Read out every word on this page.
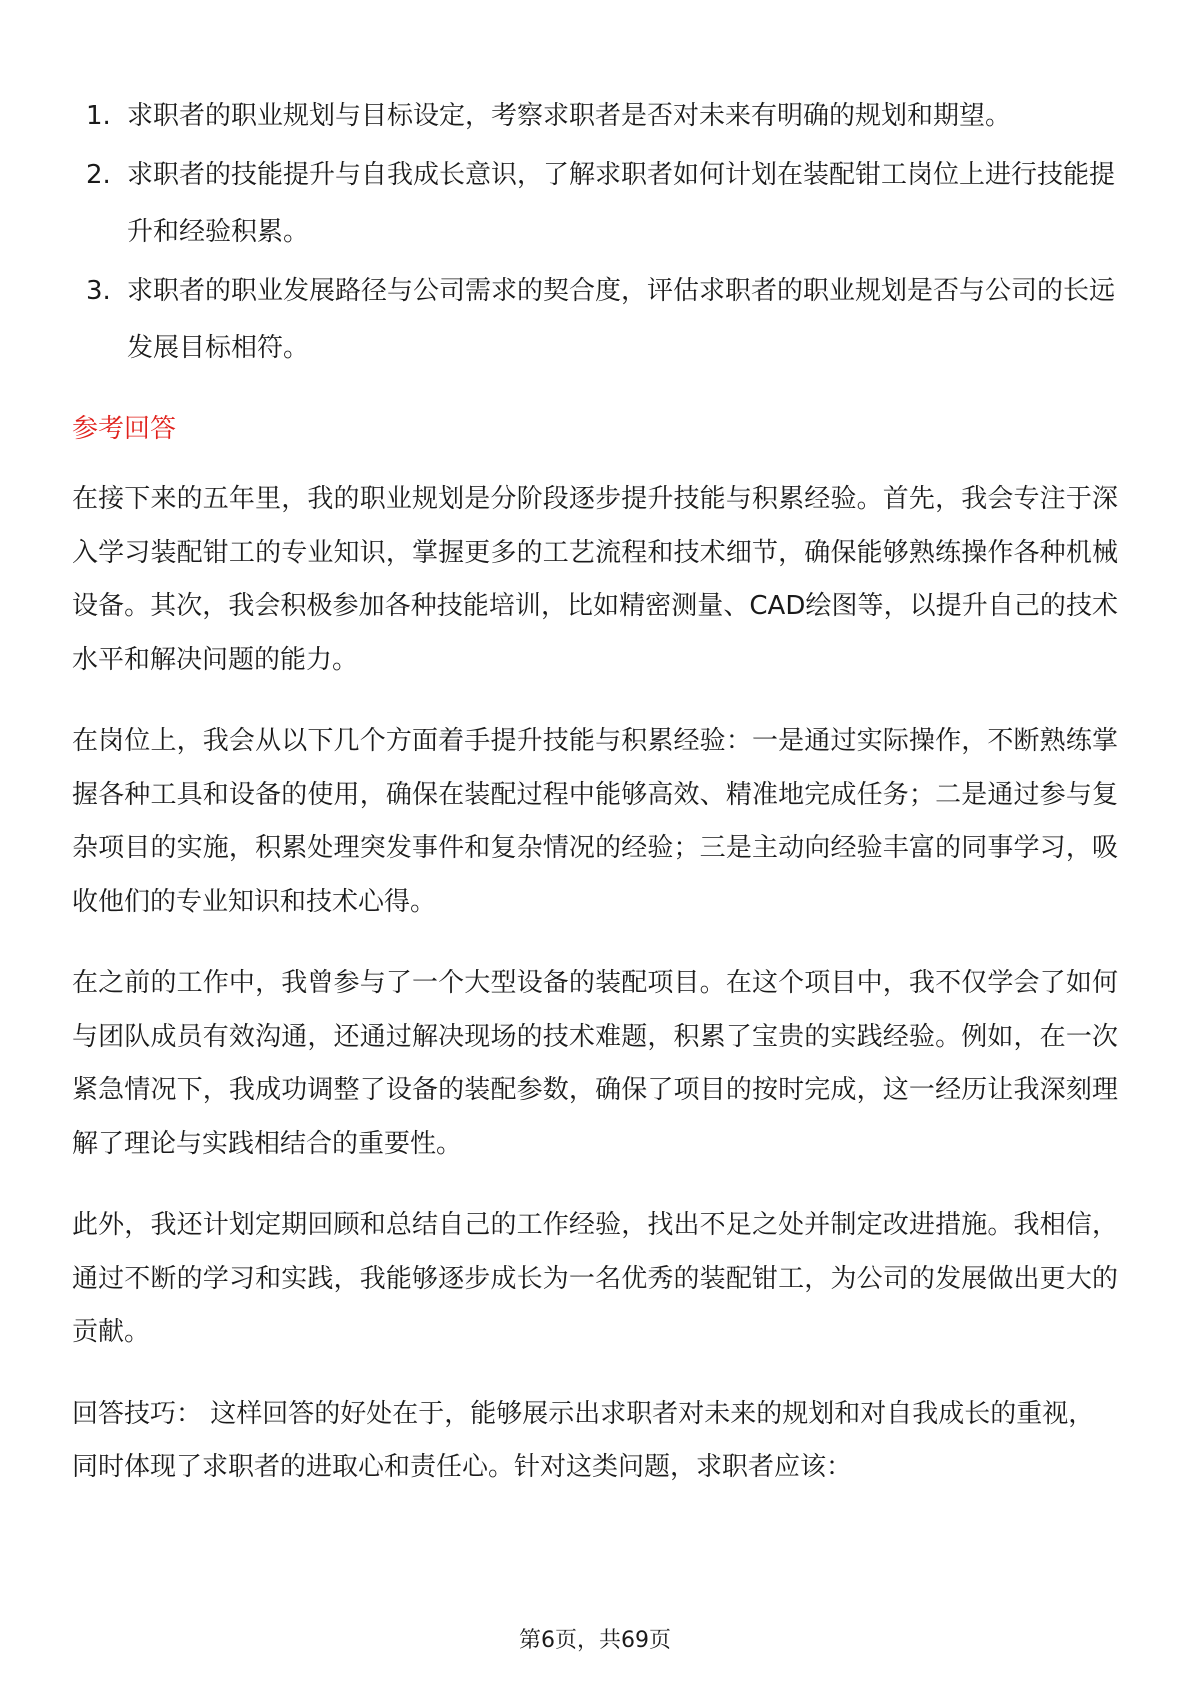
1. 求职者的职业规划与目标设定，考察求职者是否对未来有明确的规划和期望。
2. 求职者的技能提升与自我成长意识，了解求职者如何计划在装配钳工岗位上进行技能提升和经验积累。
3. 求职者的职业发展路径与公司需求的契合度，评估求职者的职业规划是否与公司的长远发展目标相符。
参考回答

在接下来的五年里，我的职业规划是分阶段逐步提升技能与积累经验。首先，我会专注于深入学习装配钳工的专业知识，掌握更多的工艺流程和技术细节，确保能够熟练操作各种机械设备。其次，我会积极参加各种技能培训，比如精密测量、CAD绘图等，以提升自己的技术水平和解决问题的能力。

在岗位上，我会从以下几个方面着手提升技能与积累经验：一是通过实际操作，不断熟练掌握各种工具和设备的使用，确保在装配过程中能够高效、精准地完成任务；二是通过参与复杂项目的实施，积累处理突发事件和复杂情况的经验；三是主动向经验丰富的同事学习，吸收他们的专业知识和技术心得。

在之前的工作中，我曾参与了一个大型设备的装配项目。在这个项目中，我不仅学会了如何与团队成员有效沟通，还通过解决现场的技术难题，积累了宝贵的实践经验。例如，在一次紧急情况下，我成功调整了设备的装配参数，确保了项目的按时完成，这一经历让我深刻理解了理论与实践相结合的重要性。

此外，我还计划定期回顾和总结自己的工作经验，找出不足之处并制定改进措施。我相信，通过不断的学习和实践，我能够逐步成长为一名优秀的装配钳工，为公司的发展做出更大的贡献。

回答技巧： 这样回答的好处在于，能够展示出求职者对未来的规划和对自我成长的重视，同时体现了求职者的进取心和责任心。针对这类问题，求职者应该：

第6页，共69页
